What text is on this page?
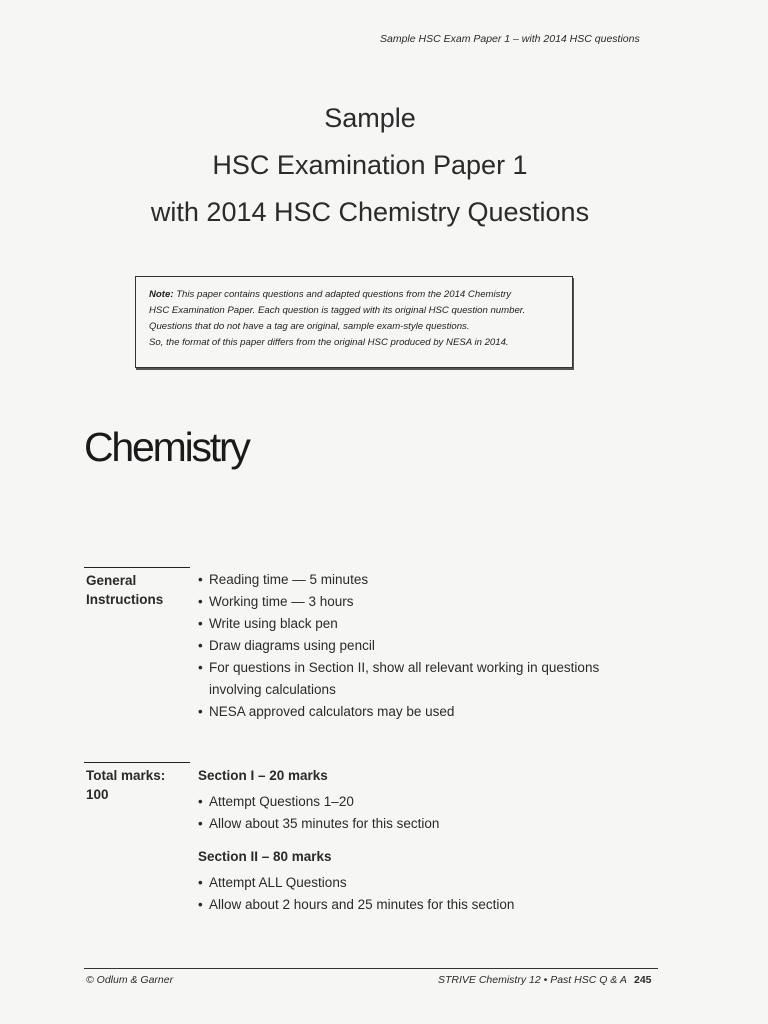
Sample HSC Exam Paper 1 – with 2014 HSC questions
Sample
HSC Examination Paper 1
with 2014 HSC Chemistry Questions
Note: This paper contains questions and adapted questions from the 2014 Chemistry
HSC Examination Paper. Each question is tagged with its original HSC question number.
Questions that do not have a tag are original, sample exam-style questions.
So, the format of this paper differs from the original HSC produced by NESA in 2014.
Chemistry
General
Instructions
• Reading time — 5 minutes
• Working time — 3 hours
• Write using black pen
• Draw diagrams using pencil
• For questions in Section II, show all relevant working in questions
involving calculations
• NESA approved calculators may be used
Total marks:
100
Section I – 20 marks
• Attempt Questions 1–20
• Allow about 35 minutes for this section
Section II – 80 marks
• Attempt ALL Questions
• Allow about 2 hours and 25 minutes for this section
© Odlum & Garner	STRIVE Chemistry 12 • Past HSC Q & A 245
